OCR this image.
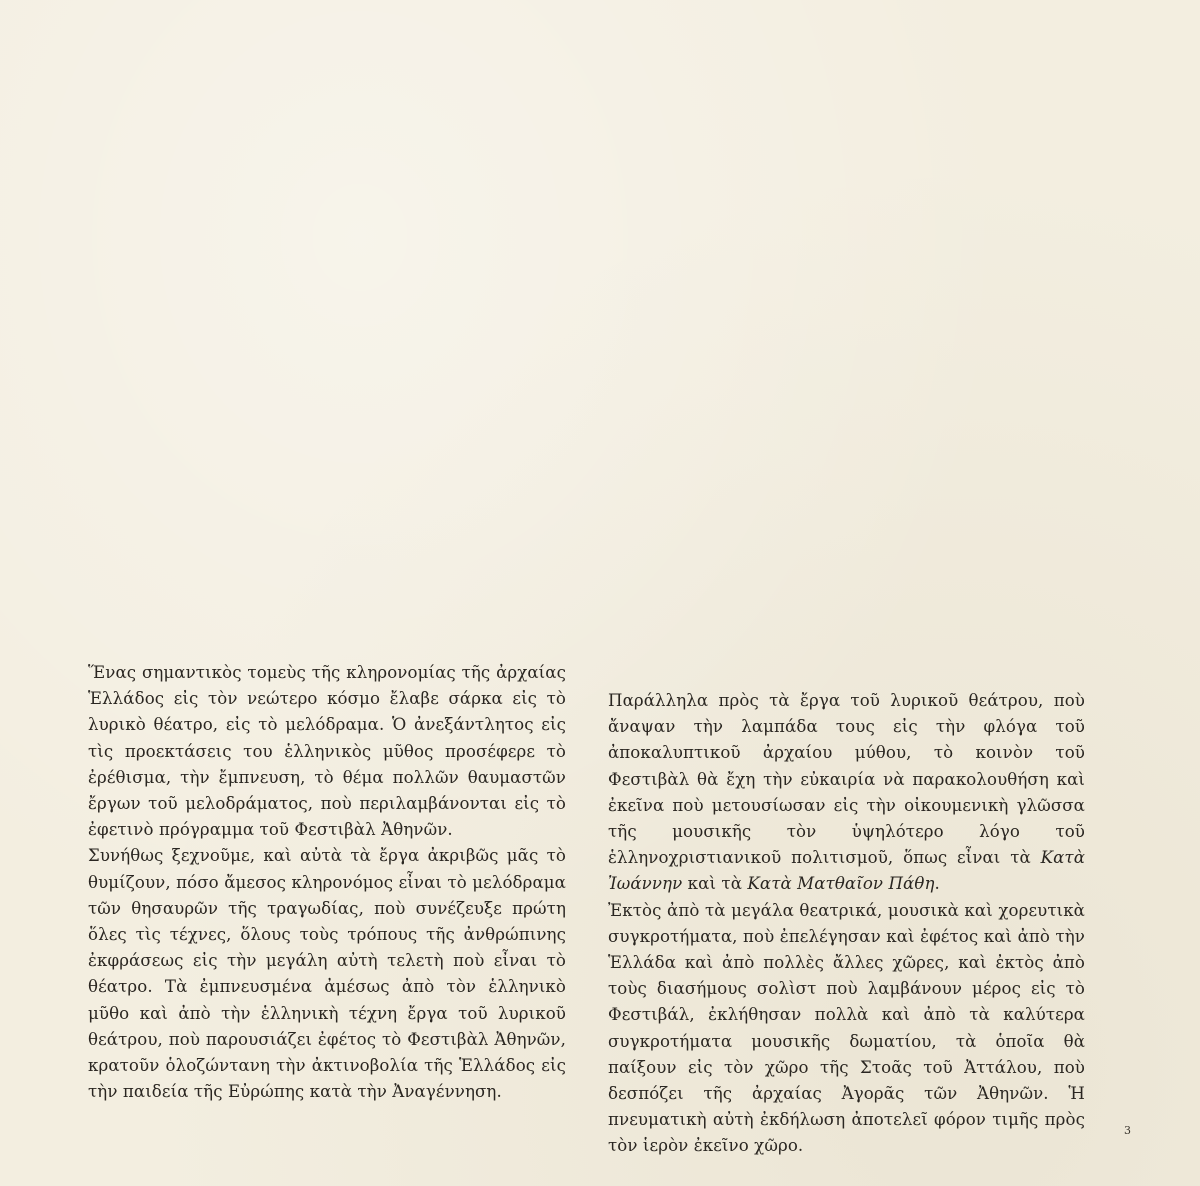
Ἕνας σημαντικὸς τομεὺς τῆς κληρονομίας τῆς ἀρχαίας Ἑλλάδος εἰς τὸν νεώτερο κόσμο ἔλαβε σάρκα εἰς τὸ λυρικὸ θέατρο, εἰς τὸ μελόδραμα. Ὁ ἀνεξάντλητος εἰς τὶς προεκτάσεις του ἑλληνικὸς μῦθος προσέφερε τὸ ἐρέθισμα, τὴν ἔμπνευση, τὸ θέμα πολλῶν θαυμαστῶν ἔργων τοῦ μελοδράματος, ποὺ περιλαμβάνονται εἰς τὸ ἐφετινὸ πρόγραμμα τοῦ Φεστιβὰλ Ἀθηνῶν.

Συνήθως ξεχνοῦμε, καὶ αὐτὰ τὰ ἔργα ἀκριβῶς μᾶς τὸ θυμίζουν, πόσο ἄμεσος κληρονόμος εἶναι τὸ μελόδραμα τῶν θησαυρῶν τῆς τραγωδίας, ποὺ συνέζευξε πρώτη ὅλες τὶς τέχνες, ὅλους τοὺς τρόπους τῆς ἀνθρώπινης ἐκφράσεως εἰς τὴν μεγάλη αὐτὴ τελετὴ ποὺ εἶναι τὸ θέατρο. Τὰ ἐμπνευσμένα ἀμέσως ἀπὸ τὸν ἑλληνικὸ μῦθο καὶ ἀπὸ τὴν ἑλληνικὴ τέχνη ἔργα τοῦ λυρικοῦ θεάτρου, ποὺ παρουσιάζει ἐφέτος τὸ Φεστιβὰλ Ἀθηνῶν, κρατοῦν ὁλοζώντανη τὴν ἀκτινοβολία τῆς Ἑλλάδος εἰς τὴν παιδεία τῆς Εὐρώπης κατὰ τὴν Ἀναγέννηση.

Παράλληλα πρὸς τὰ ἔργα τοῦ λυρικοῦ θεάτρου, ποὺ ἄναψαν τὴν λαμπάδα τους εἰς τὴν φλόγα τοῦ ἀποκαλυπτικοῦ ἀρχαίου μύθου, τὸ κοινὸν τοῦ Φεστιβὰλ θὰ ἔχη τὴν εὐκαιρία νὰ παρακολουθήση καὶ ἐκεῖνα ποὺ μετουσίωσαν εἰς τὴν οἰκουμενικὴ γλῶσσα τῆς μουσικῆς τὸν ὑψηλότερο λόγο τοῦ ἑλληνοχριστιανικοῦ πολιτισμοῦ, ὅπως εἶναι τὰ Κατὰ Ἰωάννην καὶ τὰ Κατὰ Ματθαῖον Πάθη.

Ἐκτὸς ἀπὸ τὰ μεγάλα θεατρικά, μουσικὰ καὶ χορευτικὰ συγκροτήματα, ποὺ ἐπελέγησαν καὶ ἐφέτος καὶ ἀπὸ τὴν Ἑλλάδα καὶ ἀπὸ πολλὲς ἄλλες χῶρες, καὶ ἐκτὸς ἀπὸ τοὺς διασήμους σολὶστ ποὺ λαμβάνουν μέρος εἰς τὸ Φεστιβάλ, ἐκλήθησαν πολλὰ καὶ ἀπὸ τὰ καλύτερα συγκροτήματα μουσικῆς δωματίου, τὰ ὁποῖα θὰ παίξουν εἰς τὸν χῶρο τῆς Στοᾶς τοῦ Ἀττάλου, ποὺ δεσπόζει τῆς ἀρχαίας Ἀγορᾶς τῶν Ἀθηνῶν. Ἡ πνευματικὴ αὐτὴ ἐκδήλωση ἀποτελεῖ φόρον τιμῆς πρὸς τὸν ἱερὸν ἐκεῖνο χῶρο.

3
